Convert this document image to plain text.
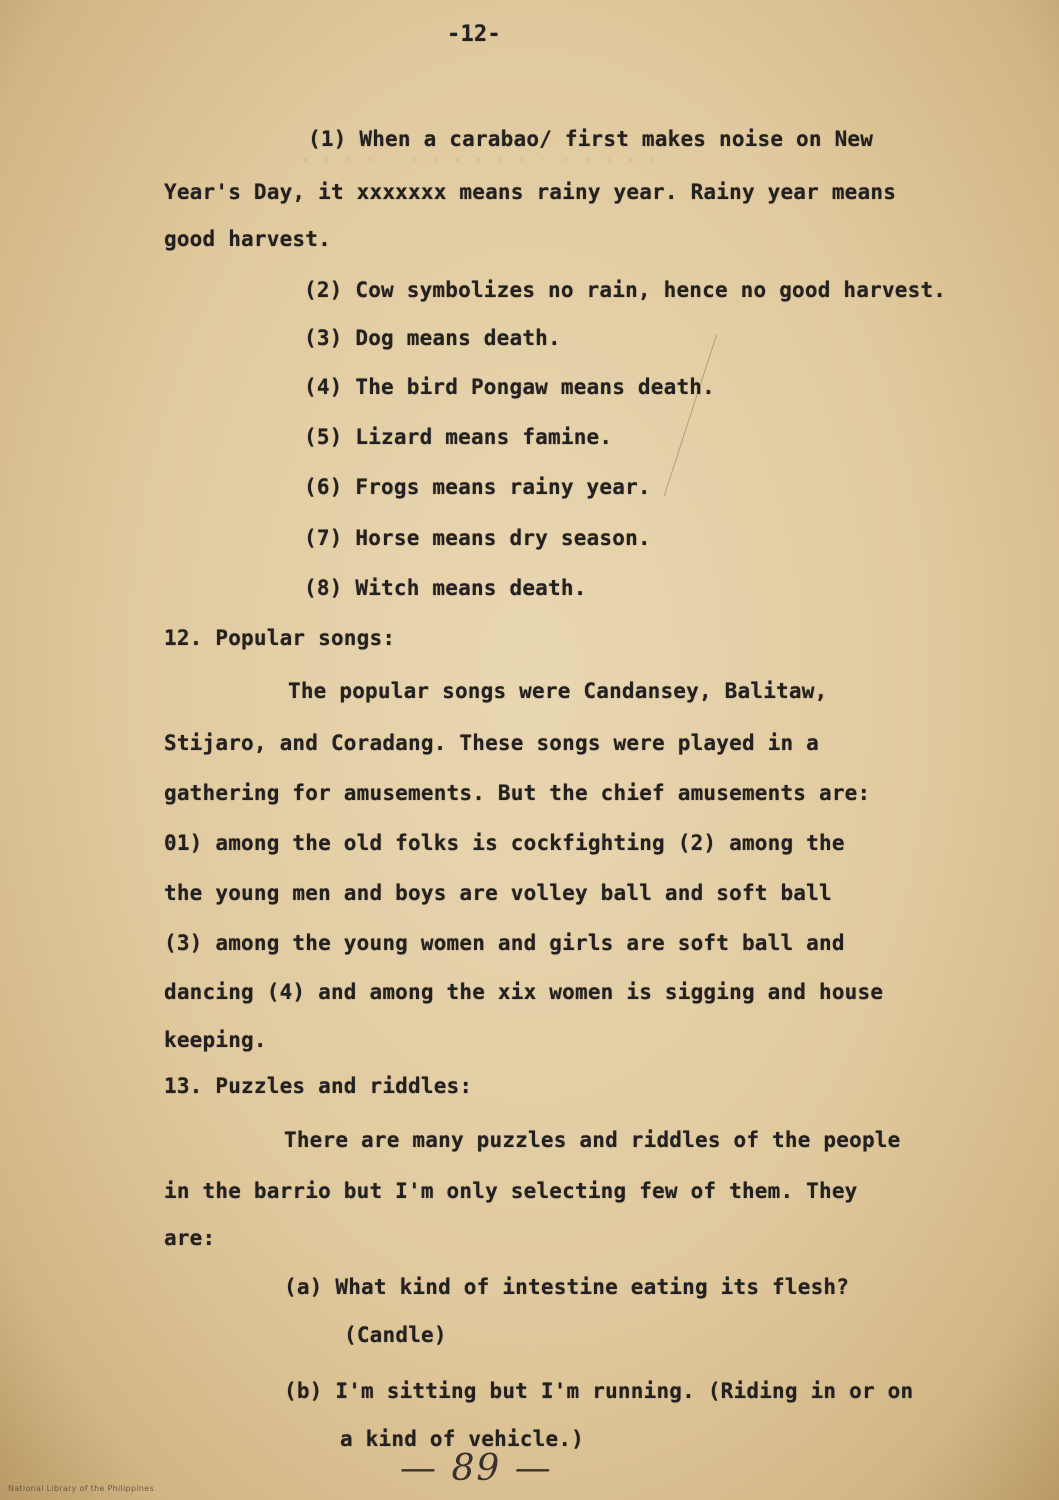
· · · · · · · · · · · · · · · · ·
-12-
(1) When a carabao/ first makes noise on New
Year's Day, it xxxxxxx means rainy year. Rainy year means
good harvest.
(2) Cow symbolizes no rain, hence no good harvest.
(3) Dog means death.
(4) The bird Pongaw means death.
(5) Lizard means famine.
(6) Frogs means rainy year.
(7) Horse means dry season.
(8) Witch means death.
12. Popular songs:
The popular songs were Candansey, Balitaw,
Stijaro, and Coradang. These songs were played in a
gathering for amusements. But the chief amusements are:
01) among the old folks is cockfighting (2) among the
the young men and boys are volley ball and soft ball
(3) among the young women and girls are soft ball and
dancing (4) and among the xix women is sigging and house
keeping.
13. Puzzles and riddles:
There are many puzzles and riddles of the people
in the barrio but I'm only selecting few of them. They
are:
(a) What kind of intestine eating its flesh?
(Candle)
(b) I'm sitting but I'm running. (Riding in or on
a kind of vehicle.)
— 89 —
National Library of the Philippines
